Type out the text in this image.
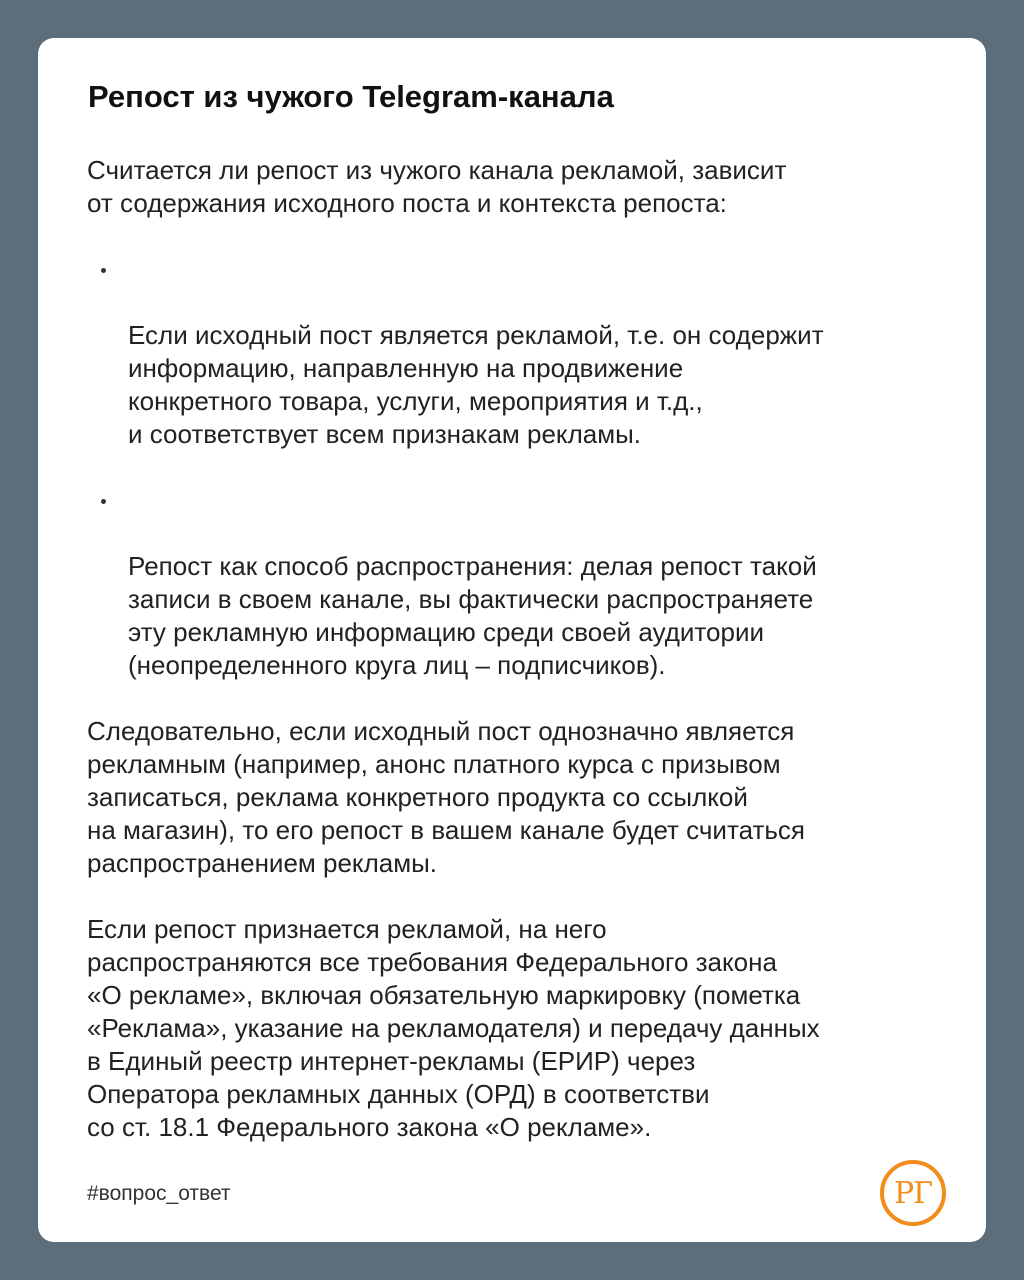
Репост из чужого Telegram-канала

Считается ли репост из чужого канала рекламой, зависит
от содержания исходного поста и контекста репоста:

Если исходный пост является рекламой, т.е. он содержит
информацию, направленную на продвижение
конкретного товара, услуги, мероприятия и т.д.,
и соответствует всем признакам рекламы.

Репост как способ распространения: делая репост такой
записи в своем канале, вы фактически распространяете
эту рекламную информацию среди своей аудитории
(неопределенного круга лиц – подписчиков).

Следовательно, если исходный пост однозначно является
рекламным (например, анонс платного курса с призывом
записаться, реклама конкретного продукта со ссылкой
на магазин), то его репост в вашем канале будет считаться
распространением рекламы.

Если репост признается рекламой, на него
распространяются все требования Федерального закона
«О рекламе», включая обязательную маркировку (пометка
«Реклама», указание на рекламодателя) и передачу данных
в Единый реестр интернет-рекламы (ЕРИР) через
Оператора рекламных данных (ОРД) в соответстви
со ст. 18.1 Федерального закона «О рекламе».

#вопрос_ответ	РГ
